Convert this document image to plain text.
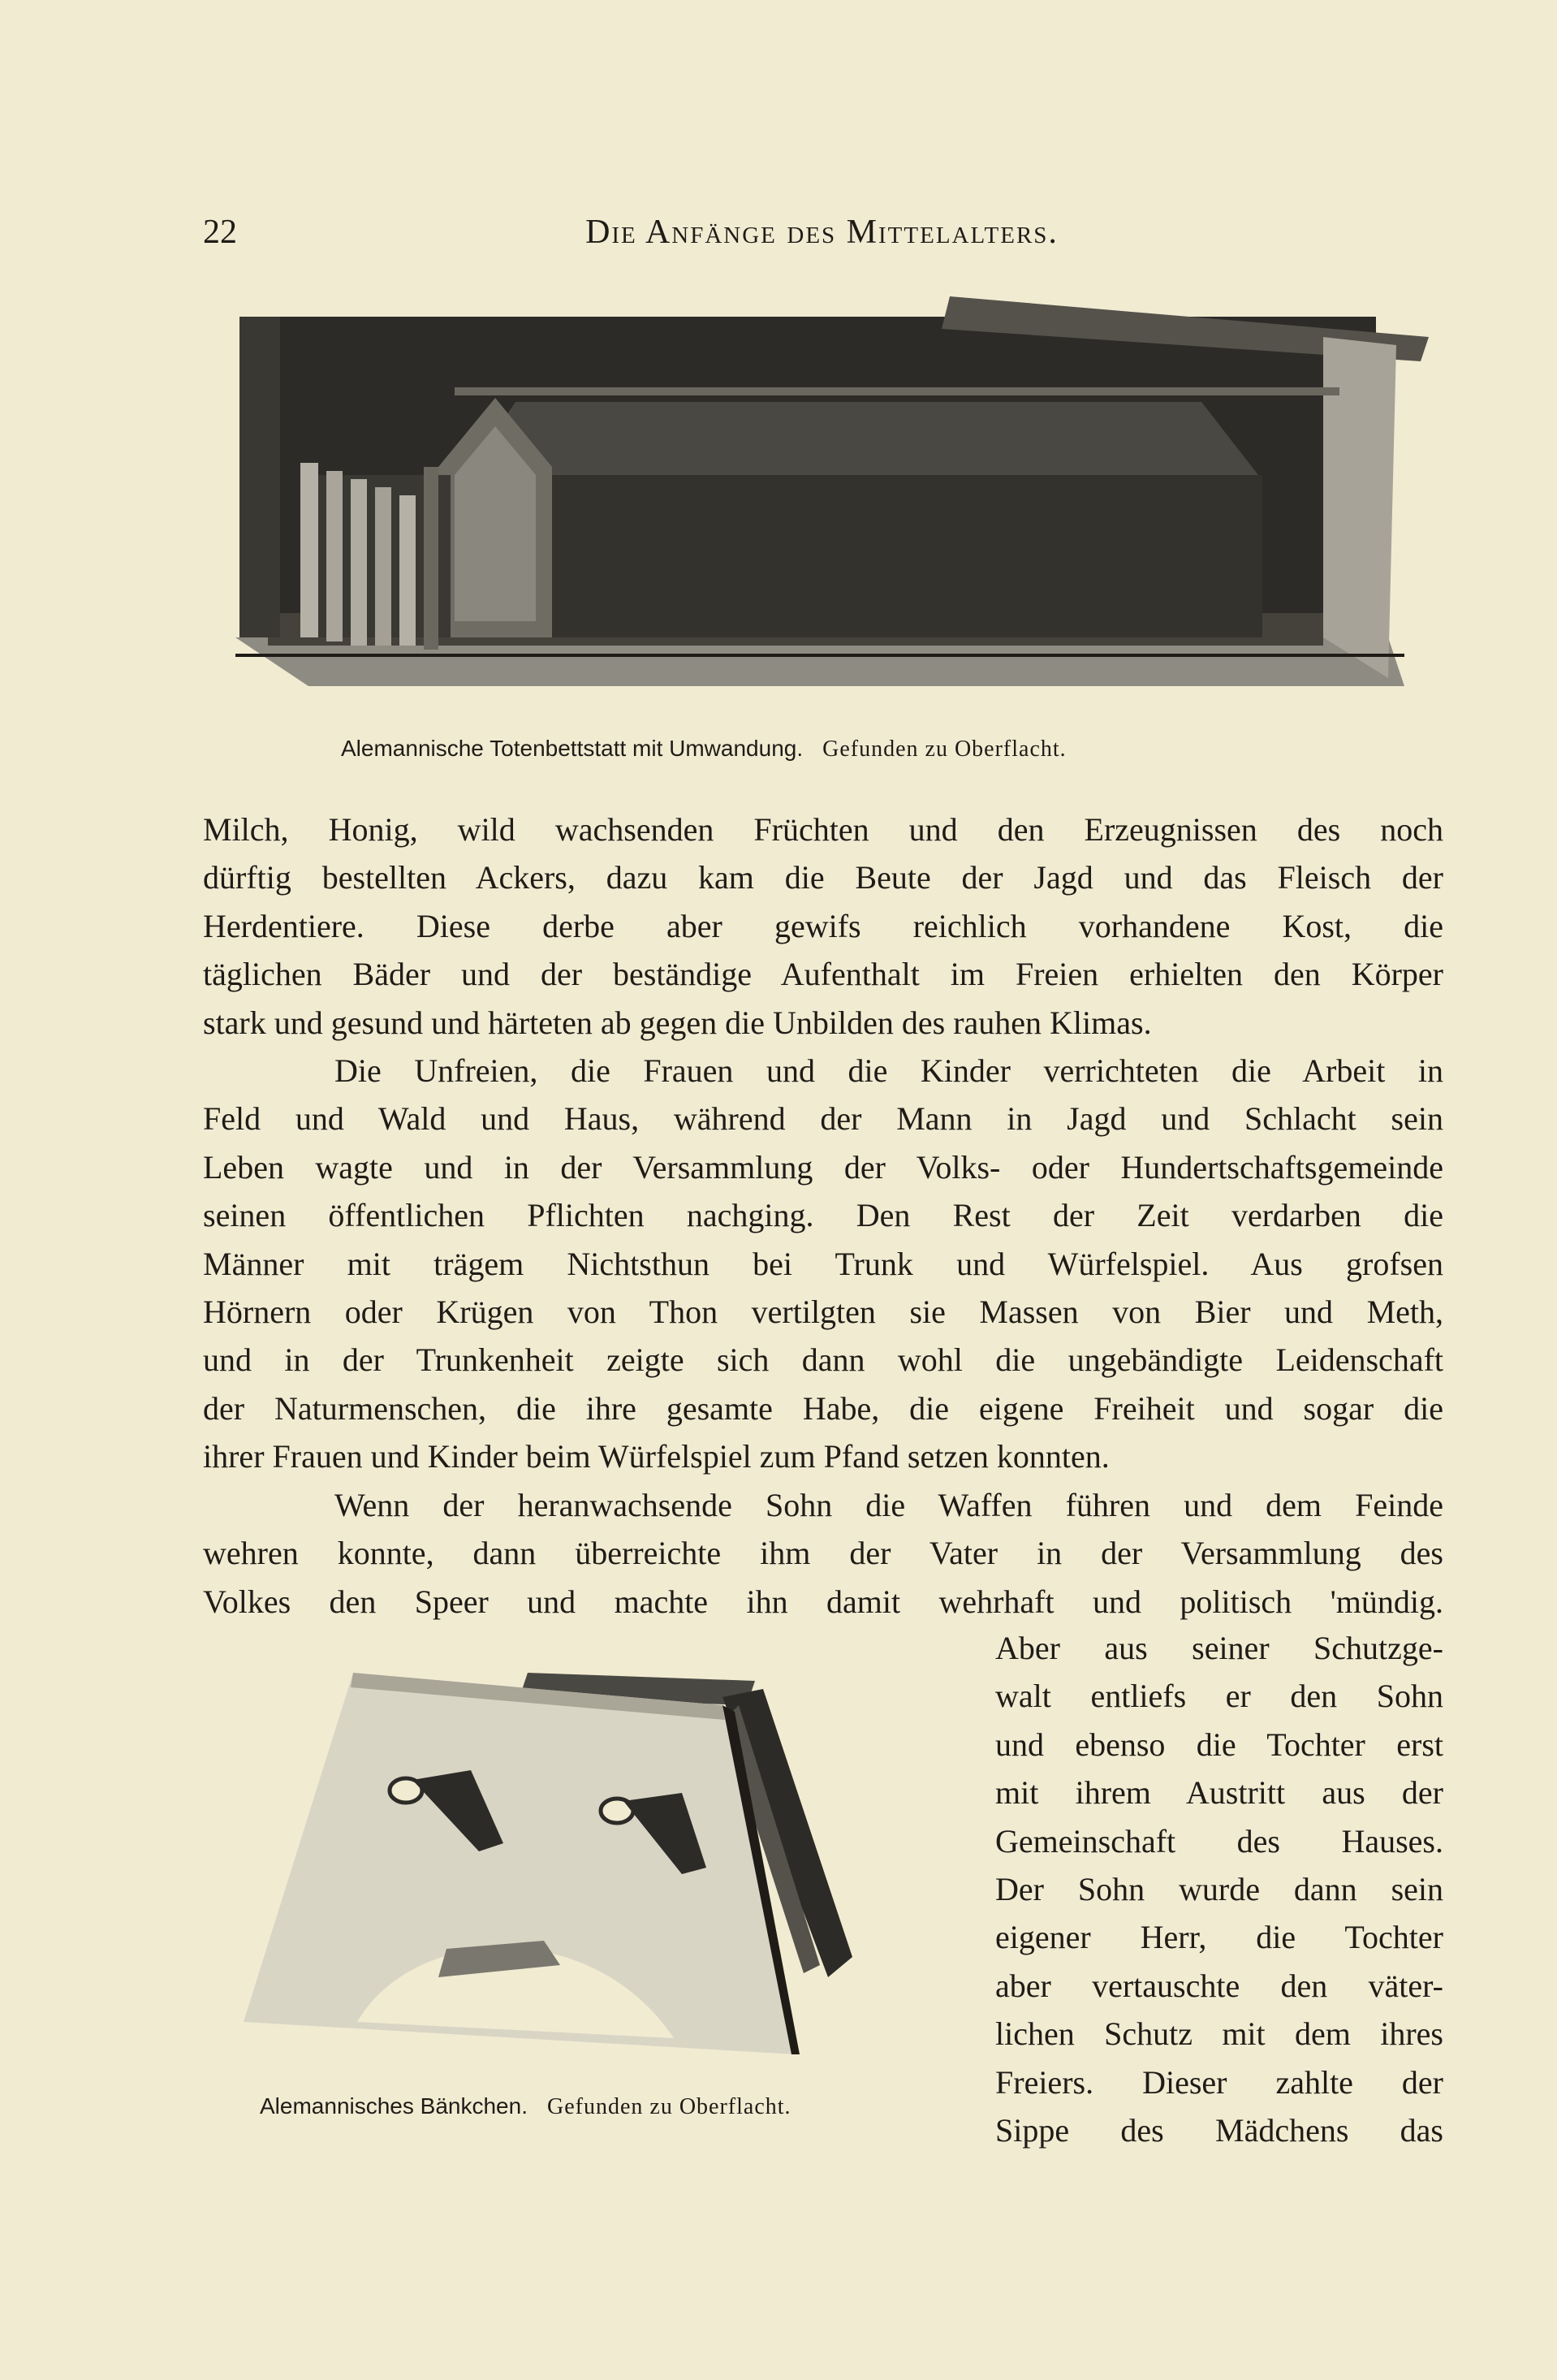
22	Die Anfänge des Mittelalters.
Alemannische Totenbettstatt mit Umwandung. Gefunden zu Oberflacht.

Milch, Honig, wild wachsenden Früchten und den Erzeugnissen des noch

dürftig bestellten Ackers, dazu kam die Beute der Jagd und das Fleisch der

Herdentiere. Diese derbe aber gewifs reichlich vorhandene Kost, die

täglichen Bäder und der beständige Aufenthalt im Freien erhielten den Körper

stark und gesund und härteten ab gegen die Unbilden des rauhen Klimas.

Die Unfreien, die Frauen und die Kinder verrichteten die Arbeit in

Feld und Wald und Haus, während der Mann in Jagd und Schlacht sein

Leben wagte und in der Versammlung der Volks- oder Hundertschaftsgemeinde

seinen öffentlichen Pflichten nachging. Den Rest der Zeit verdarben die

Männer mit trägem Nichtsthun bei Trunk und Würfelspiel. Aus grofsen

Hörnern oder Krügen von Thon vertilgten sie Massen von Bier und Meth,

und in der Trunkenheit zeigte sich dann wohl die ungebändigte Leidenschaft

der Naturmenschen, die ihre gesamte Habe, die eigene Freiheit und sogar die

ihrer Frauen und Kinder beim Würfelspiel zum Pfand setzen konnten.

Wenn der heranwachsende Sohn die Waffen führen und dem Feinde

wehren konnte, dann überreichte ihm der Vater in der Versammlung des

Volkes den Speer und machte ihn damit wehrhaft und politisch 'mündig.

Alemannisches Bänkchen. Gefunden zu Oberflacht.

Aber aus seiner Schutzge-

walt entliefs er den Sohn

und ebenso die Tochter erst

mit ihrem Austritt aus der

Gemeinschaft des Hauses.

Der Sohn wurde dann sein

eigener Herr, die Tochter

aber vertauschte den väter-

lichen Schutz mit dem ihres

Freiers. Dieser zahlte der

Sippe des Mädchens das
